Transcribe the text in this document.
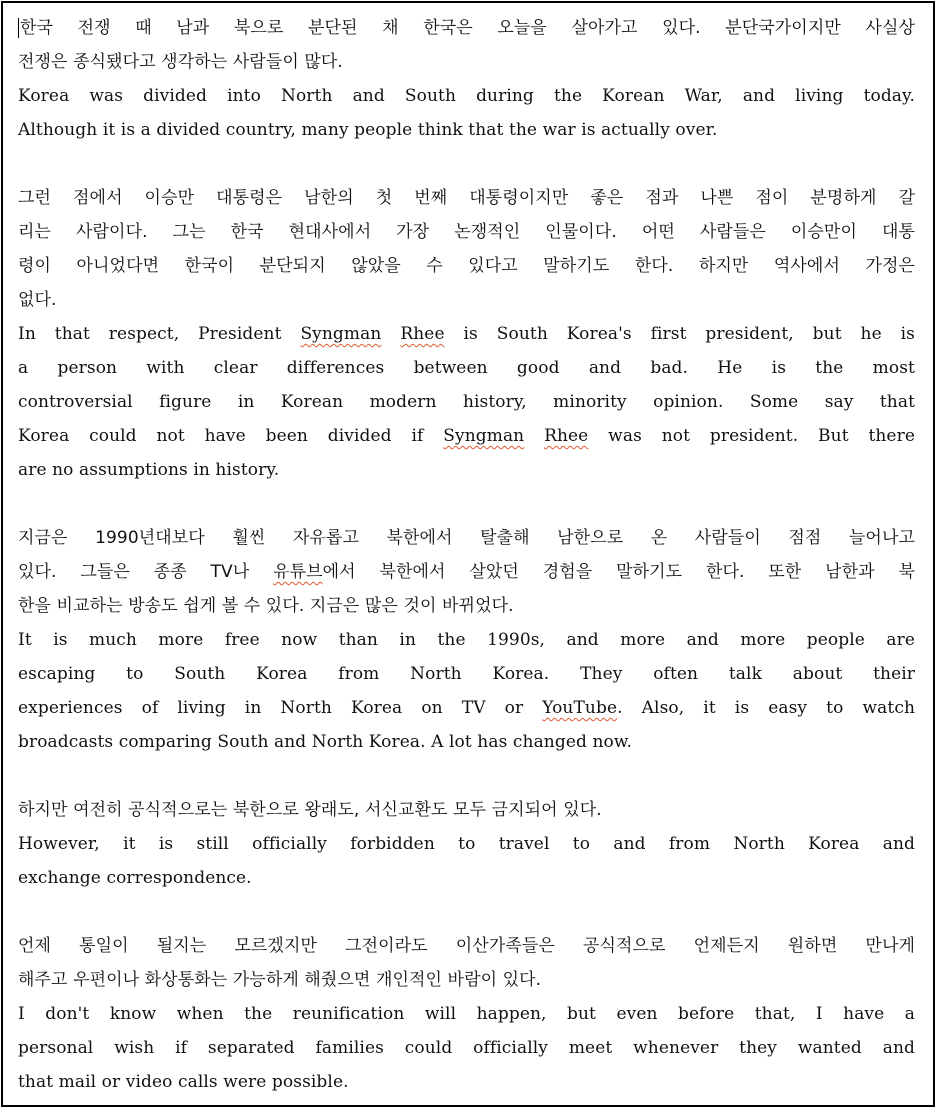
한국 전쟁 때 남과 북으로 분단된 채 한국은 오늘을 살아가고 있다. 분단국가이지만 사실상
전쟁은 종식됐다고 생각하는 사람들이 많다.
Korea was divided into North and South during the Korean War, and living today.
Although it is a divided country, many people think that the war is actually over.
그런 점에서 이승만 대통령은 남한의 첫 번째 대통령이지만 좋은 점과 나쁜 점이 분명하게 갈
리는 사람이다. 그는 한국 현대사에서 가장 논쟁적인 인물이다. 어떤 사람들은 이승만이 대통
령이 아니었다면 한국이 분단되지 않았을 수 있다고 말하기도 한다. 하지만 역사에서 가정은
없다.
In that respect, President Syngman Rhee is South Korea's first president, but he is
a person with clear differences between good and bad. He is the most
controversial figure in Korean modern history, minority opinion. Some say that
Korea could not have been divided if Syngman Rhee was not president. But there
are no assumptions in history.
지금은 1990년대보다 훨씬 자유롭고 북한에서 탈출해 남한으로 온 사람들이 점점 늘어나고
있다. 그들은 종종 TV나 유튜브에서 북한에서 살았던 경험을 말하기도 한다. 또한 남한과 북
한을 비교하는 방송도 쉽게 볼 수 있다. 지금은 많은 것이 바뀌었다.
It is much more free now than in the 1990s, and more and more people are
escaping to South Korea from North Korea. They often talk about their
experiences of living in North Korea on TV or YouTube. Also, it is easy to watch
broadcasts comparing South and North Korea. A lot has changed now.
하지만 여전히 공식적으로는 북한으로 왕래도, 서신교환도 모두 금지되어 있다.
However, it is still officially forbidden to travel to and from North Korea and
exchange correspondence.
언제 통일이 될지는 모르겠지만 그전이라도 이산가족들은 공식적으로 언제든지 원하면 만나게
해주고 우편이나 화상통화는 가능하게 해줬으면 개인적인 바람이 있다.
I don't know when the reunification will happen, but even before that, I have a
personal wish if separated families could officially meet whenever they wanted and
that mail or video calls were possible.
